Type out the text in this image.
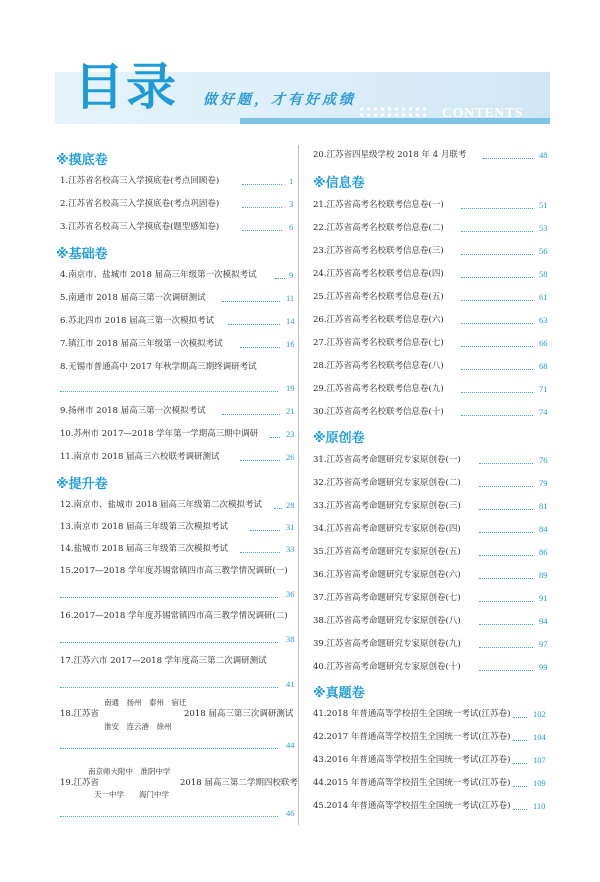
目录 做好题，才有好成绩
CONTENTS
※摸底卷
※基础卷
※提升卷
※信息卷
※原创卷
※真题卷
1.江苏省名校高三入学摸底卷(考点回顾卷)	1
2.江苏省名校高三入学摸底卷(考点巩固卷)	3
3.江苏省名校高三入学摸底卷(题型感知卷)	6
4.南京市、盐城市 2018 届高三年级第一次模拟考试	9
5.南通市 2018 届高三第一次调研测试	11
6.苏北四市 2018 届高三第一次模拟考试	14
7.镇江市 2018 届高三年级第一次模拟考试	16
8.无锡市普通高中 2017 年秋学期高三期终调研考试
19
9.扬州市 2018 届高三第一次模拟考试	21
10.苏州市 2017—2018 学年第一学期高三期中调研	23
11.南京市 2018 届高三六校联考调研测试	26
12.南京市、盐城市 2018 届高三年级第二次模拟考试	28
13.南京市 2018 届高三年级第三次模拟考试	31
14.盐城市 2018 届高三年级第三次模拟考试	33
15.2017—2018 学年度苏锡常镇四市高三教学情况调研(一)
36
16.2017—2018 学年度苏锡常镇四市高三教学情况调研(二)
38
17.江苏六市 2017—2018 学年度高三第二次调研测试
41
南通　扬州　泰州　宿迁
18.江苏省	2018 届高三第三次调研测试
淮安　连云港　徐州
44
南京师大附中　淮阴中学
19.江苏省	2018 届高三第二学期四校联考
天一中学　　海门中学
46
20.江苏省四星级学校 2018 年 4 月联考	48
21.江苏省高考名校联考信息卷(一)	51
22.江苏省高考名校联考信息卷(二)	53
23.江苏省高考名校联考信息卷(三)	56
24.江苏省高考名校联考信息卷(四)	58
25.江苏省高考名校联考信息卷(五)	61
26.江苏省高考名校联考信息卷(六)	63
27.江苏省高考名校联考信息卷(七)	66
28.江苏省高考名校联考信息卷(八)	68
29.江苏省高考名校联考信息卷(九)	71
30.江苏省高考名校联考信息卷(十)	74
31.江苏省高考命题研究专家原创卷(一)	76
32.江苏省高考命题研究专家原创卷(二)	79
33.江苏省高考命题研究专家原创卷(三)	81
34.江苏省高考命题研究专家原创卷(四)	84
35.江苏省高考命题研究专家原创卷(五)	86
36.江苏省高考命题研究专家原创卷(六)	89
37.江苏省高考命题研究专家原创卷(七)	91
38.江苏省高考命题研究专家原创卷(八)	94
39.江苏省高考命题研究专家原创卷(九)	97
40.江苏省高考命题研究专家原创卷(十)	99
41.2018 年普通高等学校招生全国统一考试(江苏卷)	102
42.2017 年普通高等学校招生全国统一考试(江苏卷)	104
43.2016 年普通高等学校招生全国统一考试(江苏卷)	107
44.2015 年普通高等学校招生全国统一考试(江苏卷)	109
45.2014 年普通高等学校招生全国统一考试(江苏卷)	110
